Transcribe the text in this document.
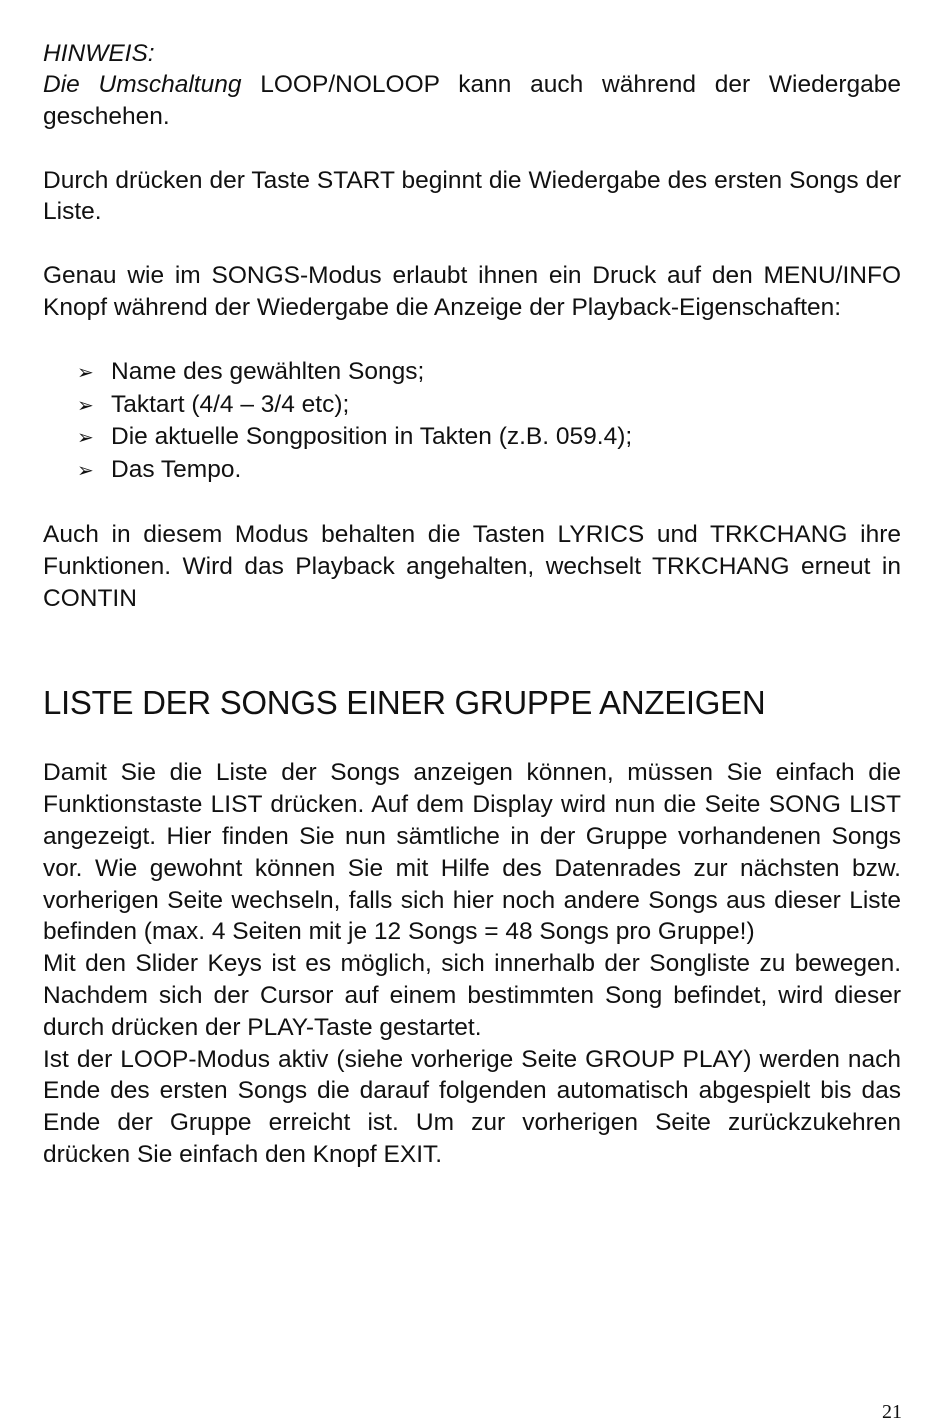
HINWEIS:

Die Umschaltung LOOP/NOLOOP kann auch während der Wiedergabe geschehen.

Durch drücken der Taste START beginnt die Wiedergabe des ersten Songs der Liste.

Genau wie im SONGS-Modus erlaubt ihnen ein Druck auf den MENU/INFO Knopf während der Wiedergabe die Anzeige der Playback-Eigenschaften:

➢ Name des gewählten Songs;
➢ Taktart (4/4 – 3/4 etc);
➢ Die aktuelle Songposition in Takten (z.B. 059.4);
➢ Das Tempo.

Auch in diesem Modus behalten die Tasten LYRICS und TRKCHANG ihre Funktionen. Wird das Playback angehalten, wechselt TRKCHANG erneut in CONTIN

LISTE DER SONGS EINER GRUPPE ANZEIGEN

Damit Sie die Liste der Songs anzeigen können, müssen Sie einfach die Funktionstaste LIST drücken. Auf dem Display wird nun die Seite SONG LIST angezeigt. Hier finden Sie nun sämtliche in der Gruppe vorhandenen Songs vor. Wie gewohnt können Sie mit Hilfe des Datenrades zur nächsten bzw. vorherigen Seite wechseln, falls sich hier noch andere Songs aus dieser Liste befinden (max. 4 Seiten mit je 12 Songs = 48 Songs pro Gruppe!)

Mit den Slider Keys ist es möglich, sich innerhalb der Songliste zu bewegen. Nachdem sich der Cursor auf einem bestimmten Song befindet, wird dieser durch drücken der PLAY-Taste gestartet.

Ist der LOOP-Modus aktiv (siehe vorherige Seite GROUP PLAY) werden nach Ende des ersten Songs die darauf folgenden automatisch abgespielt bis das Ende der Gruppe erreicht ist. Um zur vorherigen Seite zurückzukehren drücken Sie einfach den Knopf EXIT.

21
